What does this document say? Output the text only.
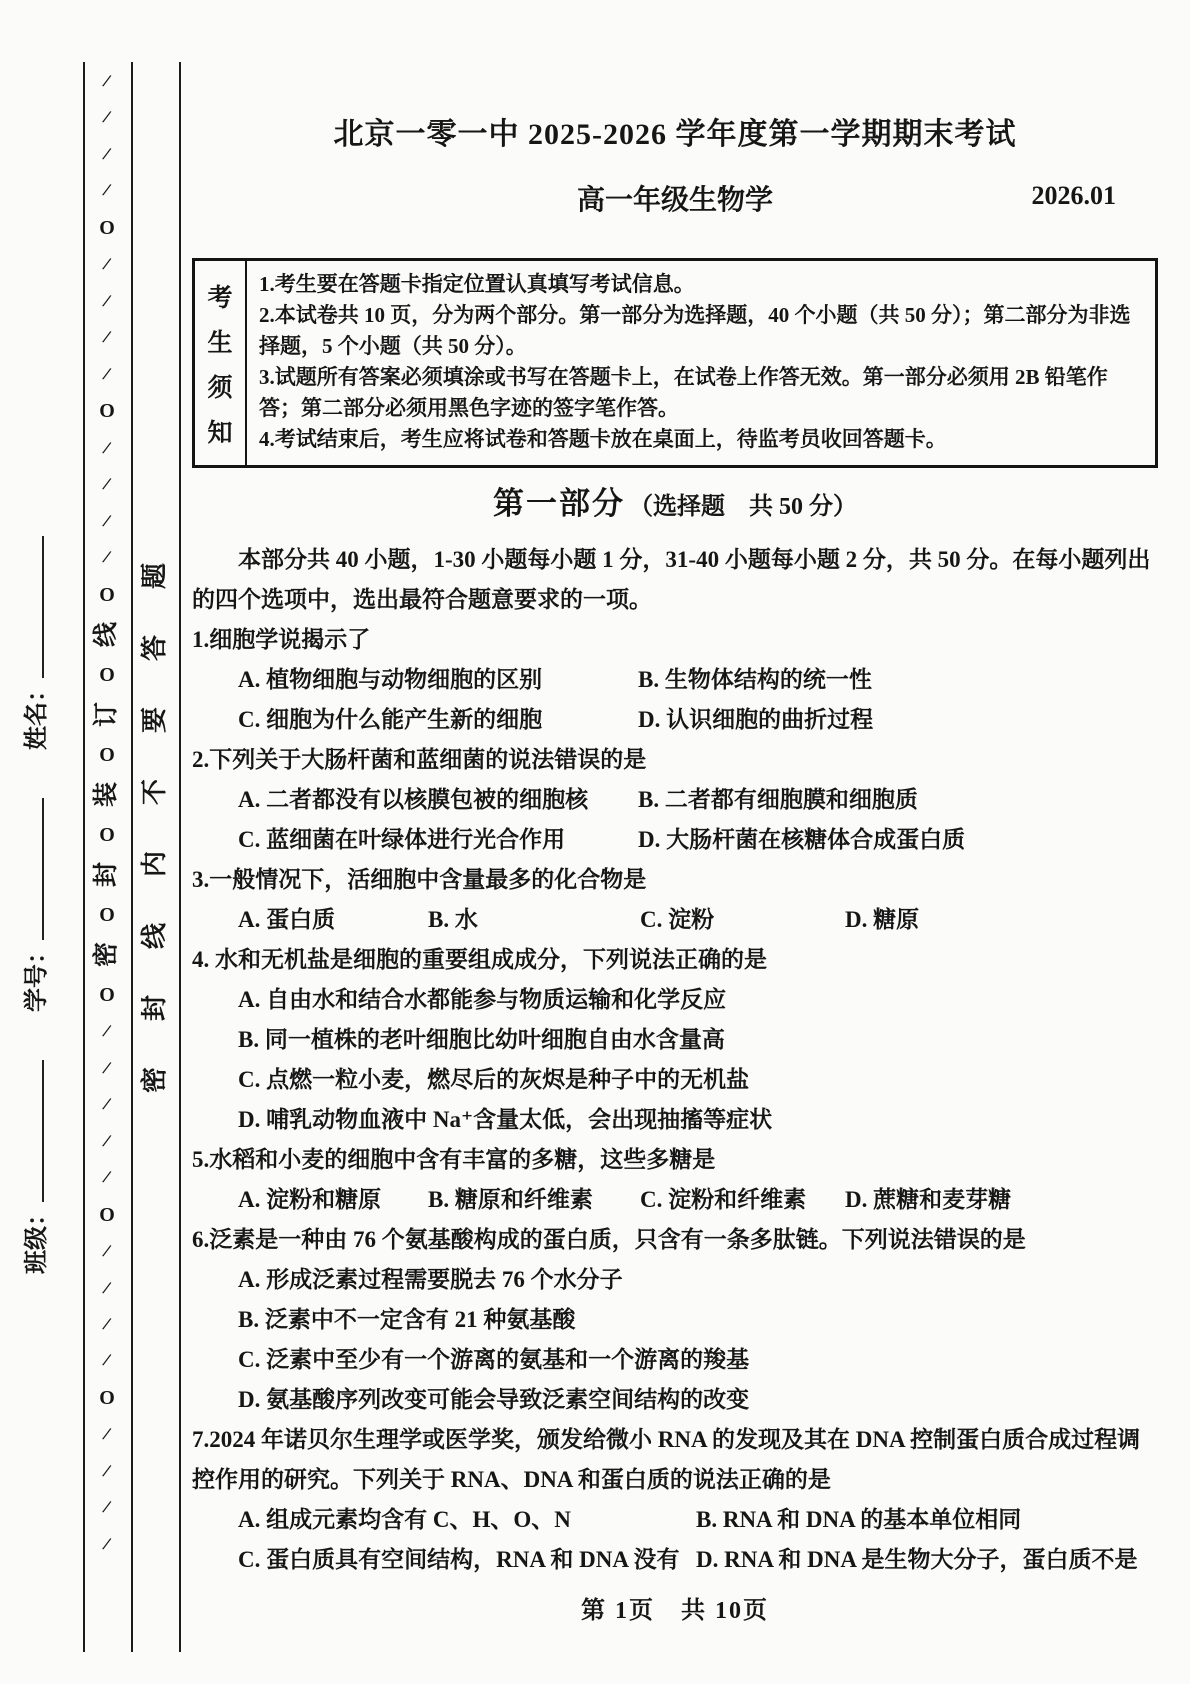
/
/
/
/
O
/
/
/
/
O
/
/
/
/
O
线
O
订
O
装
O
封
O
密
O
/
/
/
/
/
O
/
/
/
/
O
/
/
/
/
题
答
要
不
内
线
封
密
班级： 学号： 姓名：
北京一零一中 2025-2026 学年度第一学期期末考试
高一年级生物学	2026.01
考
生
须
知
1.考生要在答题卡指定位置认真填写考试信息。
2.本试卷共 10 页，分为两个部分。第一部分为选择题，40 个小题（共 50 分）；第二部分为非选择题，5 个小题（共 50 分）。
3.试题所有答案必须填涂或书写在答题卡上，在试卷上作答无效。第一部分必须用 2B 铅笔作答；第二部分必须用黑色字迹的签字笔作答。
4.考试结束后，考生应将试卷和答题卡放在桌面上，待监考员收回答题卡。
第一部分 （选择题　共 50 分）
本部分共 40 小题，1-30 小题每小题 1 分，31-40 小题每小题 2 分，共 50 分。在每小题列出的四个选项中，选出最符合题意要求的一项。
1.细胞学说揭示了
A. 植物细胞与动物细胞的区别	B. 生物体结构的统一性
C. 细胞为什么能产生新的细胞	D. 认识细胞的曲折过程
2.下列关于大肠杆菌和蓝细菌的说法错误的是
A. 二者都没有以核膜包被的细胞核	B. 二者都有细胞膜和细胞质
C. 蓝细菌在叶绿体进行光合作用	D. 大肠杆菌在核糖体合成蛋白质
3.一般情况下，活细胞中含量最多的化合物是
A. 蛋白质	B. 水	C. 淀粉	D. 糖原
4. 水和无机盐是细胞的重要组成成分，下列说法正确的是
A. 自由水和结合水都能参与物质运输和化学反应
B. 同一植株的老叶细胞比幼叶细胞自由水含量高
C. 点燃一粒小麦，燃尽后的灰烬是种子中的无机盐
D. 哺乳动物血液中 Na⁺含量太低，会出现抽搐等症状
5.水稻和小麦的细胞中含有丰富的多糖，这些多糖是
A. 淀粉和糖原	B. 糖原和纤维素	C. 淀粉和纤维素	D. 蔗糖和麦芽糖
6.泛素是一种由 76 个氨基酸构成的蛋白质，只含有一条多肽链。下列说法错误的是
A. 形成泛素过程需要脱去 76 个水分子
B. 泛素中不一定含有 21 种氨基酸
C. 泛素中至少有一个游离的氨基和一个游离的羧基
D. 氨基酸序列改变可能会导致泛素空间结构的改变
7.2024 年诺贝尔生理学或医学奖，颁发给微小 RNA 的发现及其在 DNA 控制蛋白质合成过程调控作用的研究。下列关于 RNA、DNA 和蛋白质的说法正确的是
A. 组成元素均含有 C、H、O、N	B. RNA 和 DNA 的基本单位相同
C. 蛋白质具有空间结构，RNA 和 DNA 没有 D. RNA 和 DNA 是生物大分子，蛋白质不是
第 1页　共 10页
